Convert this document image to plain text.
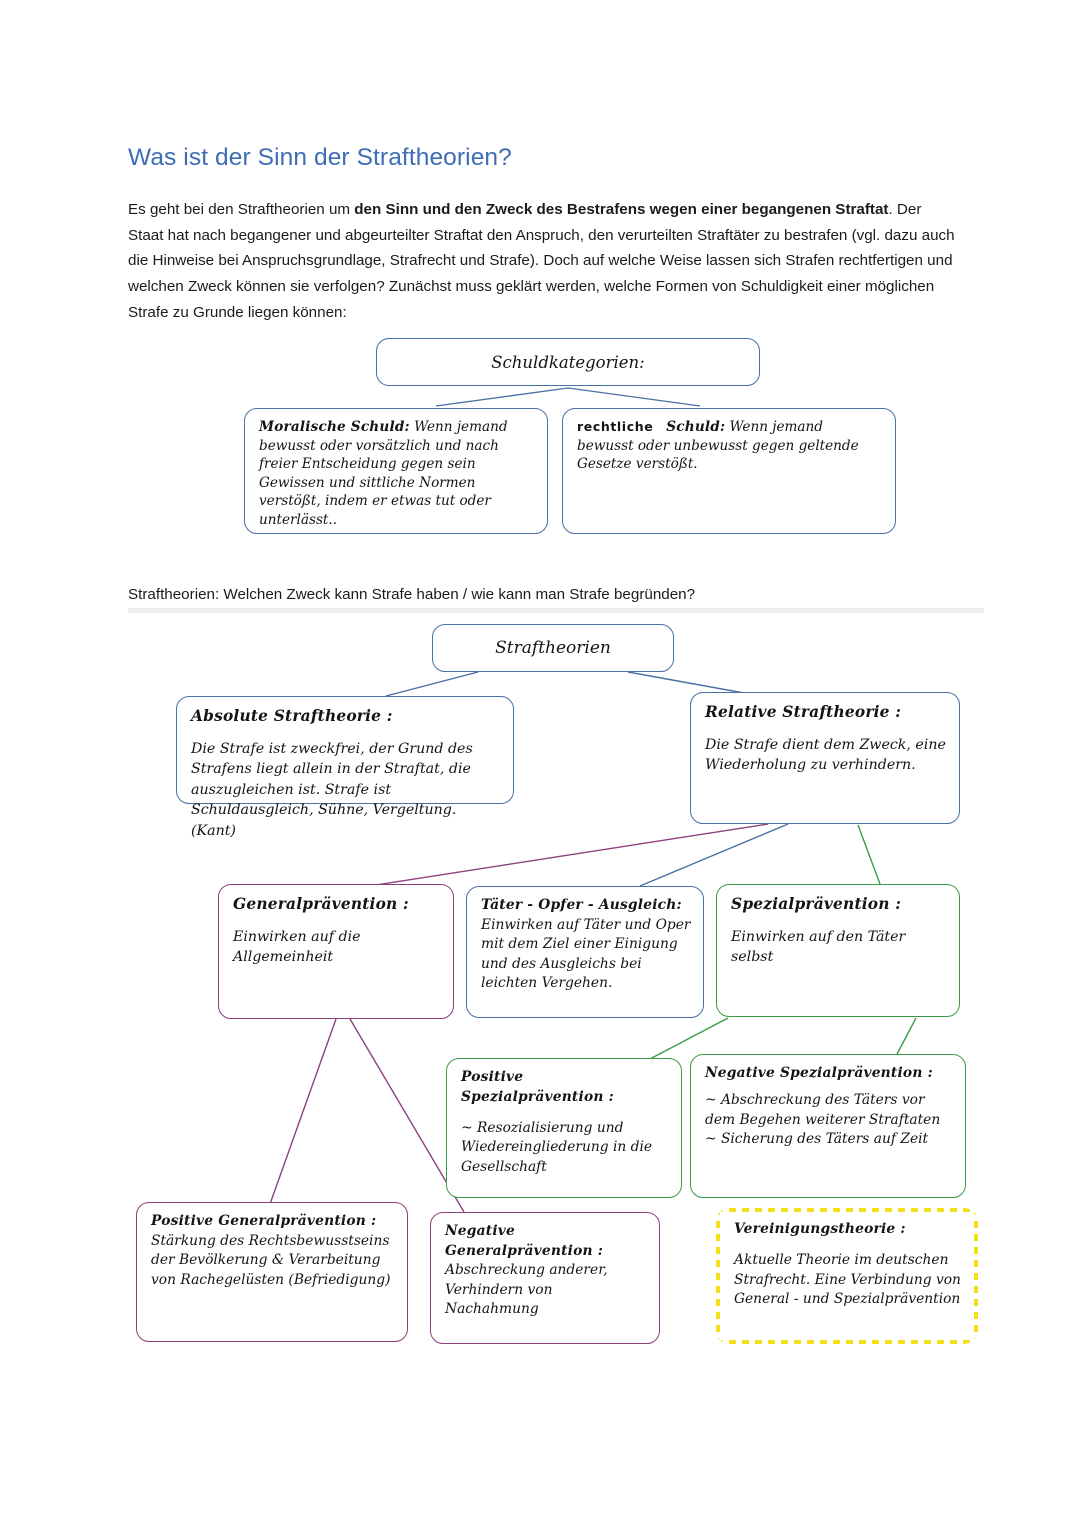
Was ist der Sinn der Straftheorien?

Es geht bei den Straftheorien um den Sinn und den Zweck des Bestrafens wegen einer begangenen Straftat. Der Staat hat nach begangener und abgeurteilter Straftat den Anspruch, den verurteilten Straftäter zu bestrafen (vgl. dazu auch die Hinweise bei Anspruchsgrundlage, Strafrecht und Strafe). Doch auf welche Weise lassen sich Strafen rechtfertigen und welchen Zweck können sie verfolgen? Zunächst muss geklärt werden, welche Formen von Schuldigkeit einer möglichen Strafe zu Grunde liegen können:

Schuldkategorien:
Moralische Schuld: Wenn jemand bewusst oder vorsätzlich und nach freier Entscheidung gegen sein Gewissen und sittliche Normen verstößt, indem er etwas tut oder unterlässt..
rechtliche Schuld: Wenn jemand bewusst oder unbewusst gegen geltende Gesetze verstößt.

Straftheorien: Welchen Zweck kann Strafe haben / wie kann man Strafe begründen?

Straftheorien
Absolute Straftheorie :
Die Strafe ist zweckfrei, der Grund des Strafens liegt allein in der Straftat, die auszugleichen ist. Strafe ist Schuldausgleich, Sühne, Vergeltung. (Kant)
Relative Straftheorie :
Die Strafe dient dem Zweck, eine Wiederholung zu verhindern.
Generalprävention :
Einwirken auf die Allgemeinheit
Täter - Opfer - Ausgleich: Einwirken auf Täter und Oper mit dem Ziel einer Einigung und des Ausgleichs bei leichten Vergehen.
Spezialprävention :
Einwirken auf den Täter selbst
Positive Spezialprävention :
~ Resozialisierung und Wiedereingliederung in die Gesellschaft
Negative Spezialprävention :
~ Abschreckung des Täters vor dem Begehen weiterer Straftaten ~ Sicherung des Täters auf Zeit
Positive Generalprävention :
Stärkung des Rechtsbewusstseins der Bevölkerung & Verarbeitung von Rachegelüsten (Befriedigung)
Negative Generalprävention :
Abschreckung anderer, Verhindern von Nachahmung
Vereinigungstheorie :
Aktuelle Theorie im deutschen Strafrecht. Eine Verbindung von General - und Spezialprävention
